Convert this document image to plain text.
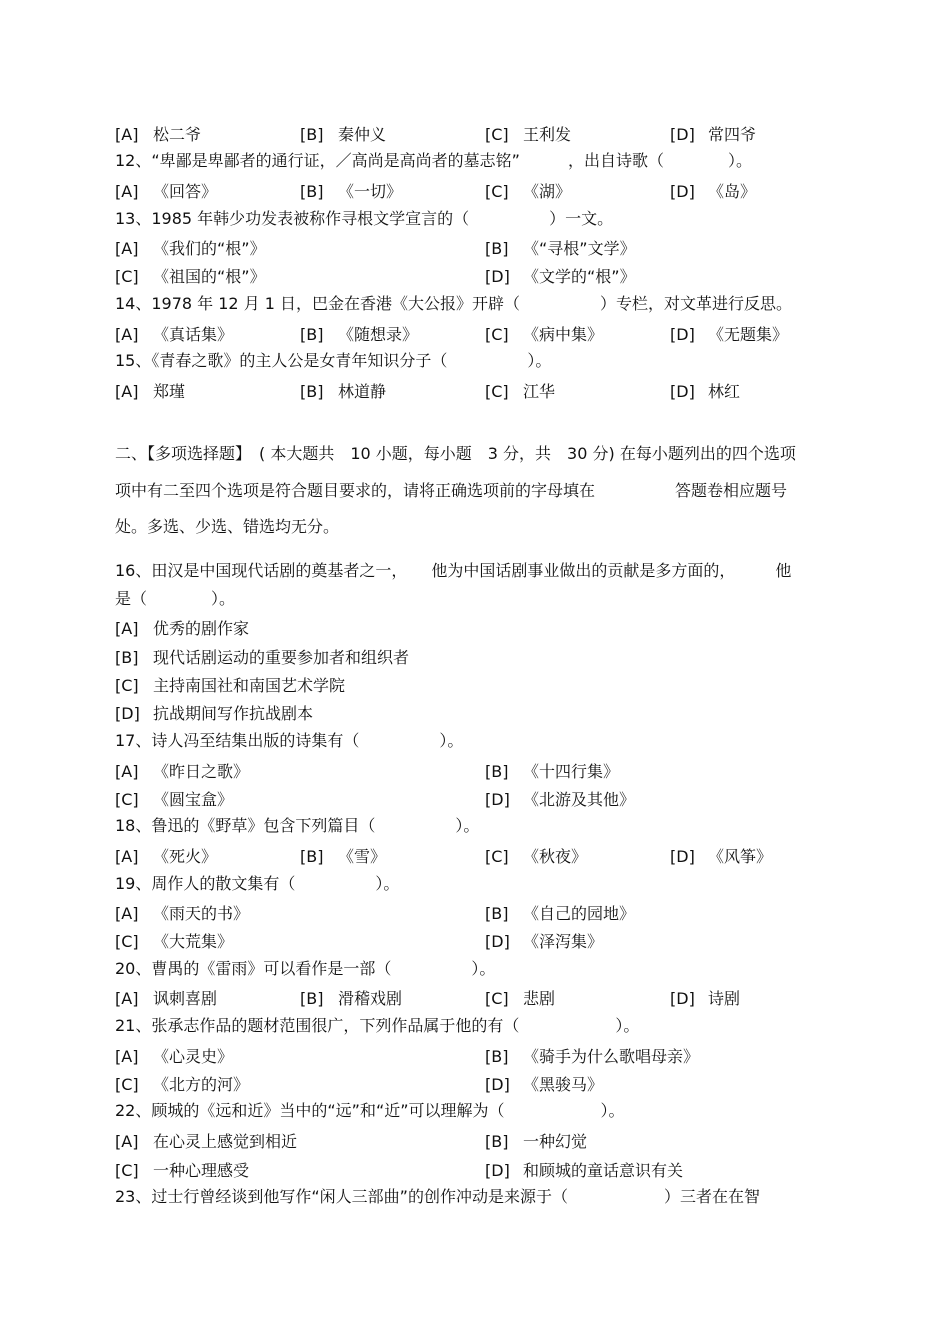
[A] 松二爷	[B] 秦仲义	[C] 王利发	[D] 常四爷
12、“卑鄙是卑鄙者的通行证，／高尚是高尚者的墓志铭”　　　，出自诗歌（　　　　）。
[A] 《回答》	[B] 《一切》	[C] 《湖》	[D] 《岛》
13、1985 年韩少功发表被称作寻根文学宣言的（　　　　　）一文。
[A] 《我们的“根”》	[B] 《“寻根”文学》
[C] 《祖国的“根”》	[D] 《文学的“根”》
14、1978 年 12 月 1 日，巴金在香港《大公报》开辟（　　　　　）专栏，对文革进行反思。
[A] 《真话集》	[B] 《随想录》	[C] 《病中集》	[D] 《无题集》
15、《青春之歌》的主人公是女青年知识分子（　　　　　）。
[A] 郑瑾	[B] 林道静	[C] 江华	[D] 林红
二、【多项选择题】　( 本大题共　10 小题，每小题　3 分，共　30 分) 在每小题列出的四个选项
项中有二至四个选项是符合题目要求的，请将正确选项前的字母填在　　　　　答题卷相应题号
处。多选、少选、错选均无分。
16、田汉是中国现代话剧的奠基者之一，　　他为中国话剧事业做出的贡献是多方面的，　　　他
是（　　　　）。
[A] 优秀的剧作家
[B] 现代话剧运动的重要参加者和组织者
[C] 主持南国社和南国艺术学院
[D] 抗战期间写作抗战剧本
17、诗人冯至结集出版的诗集有（　　　　　）。
[A] 《昨日之歌》	[B] 《十四行集》
[C] 《圆宝盒》	[D] 《北游及其他》
18、鲁迅的《野草》包含下列篇目（　　　　　）。
[A] 《死火》	[B] 《雪》	[C] 《秋夜》	[D] 《风筝》
19、周作人的散文集有（　　　　　）。
[A] 《雨天的书》	[B] 《自己的园地》
[C] 《大荒集》	[D] 《泽泻集》
20、曹禺的《雷雨》可以看作是一部（　　　　　）。
[A] 讽刺喜剧	[B] 滑稽戏剧	[C] 悲剧	[D] 诗剧
21、张承志作品的题材范围很广，下列作品属于他的有（　　　　　　）。
[A] 《心灵史》	[B] 《骑手为什么歌唱母亲》
[C] 《北方的河》	[D] 《黑骏马》
22、顾城的《远和近》当中的“远”和“近”可以理解为（　　　　　　）。
[A] 在心灵上感觉到相近	[B] 一种幻觉
[C] 一种心理感受	[D] 和顾城的童话意识有关
23、过士行曾经谈到他写作“闲人三部曲”的创作冲动是来源于（　　　　　　）三者在在智
